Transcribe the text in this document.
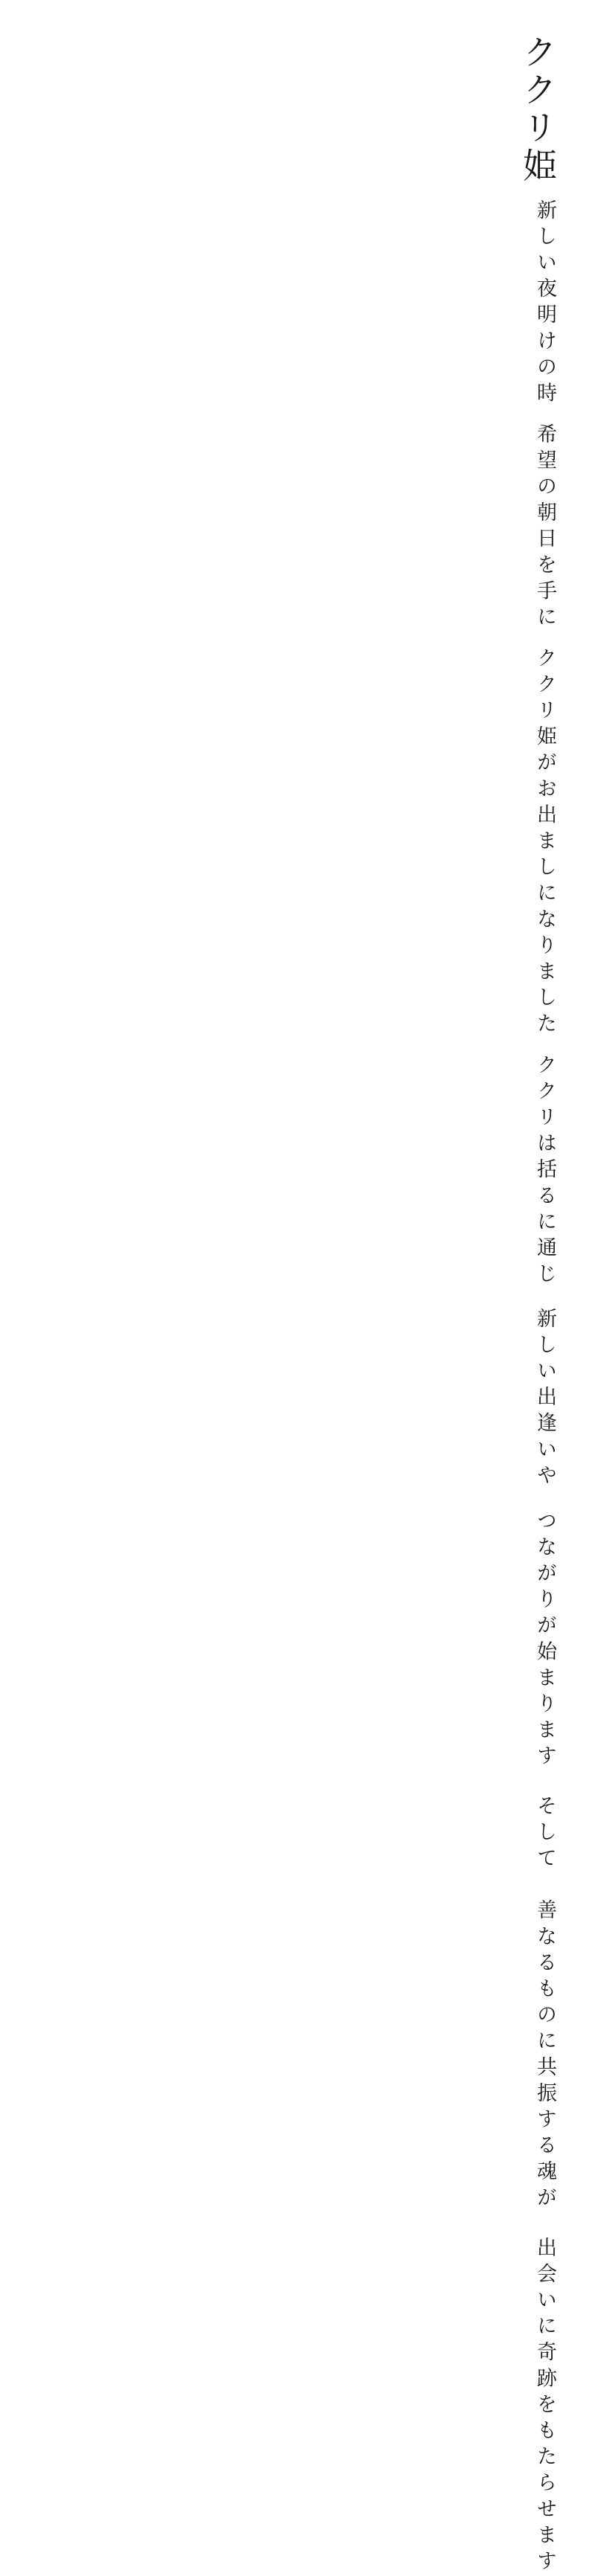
ククリ姫
新しい夜明けの時
希望の朝日を手に
ククリ姫がお出ましになりました
ククリは括るに通じ
新しい出逢いや
つながりが始まります
そして　善なるものに共振する魂が
出会いに奇跡をもたらせます
